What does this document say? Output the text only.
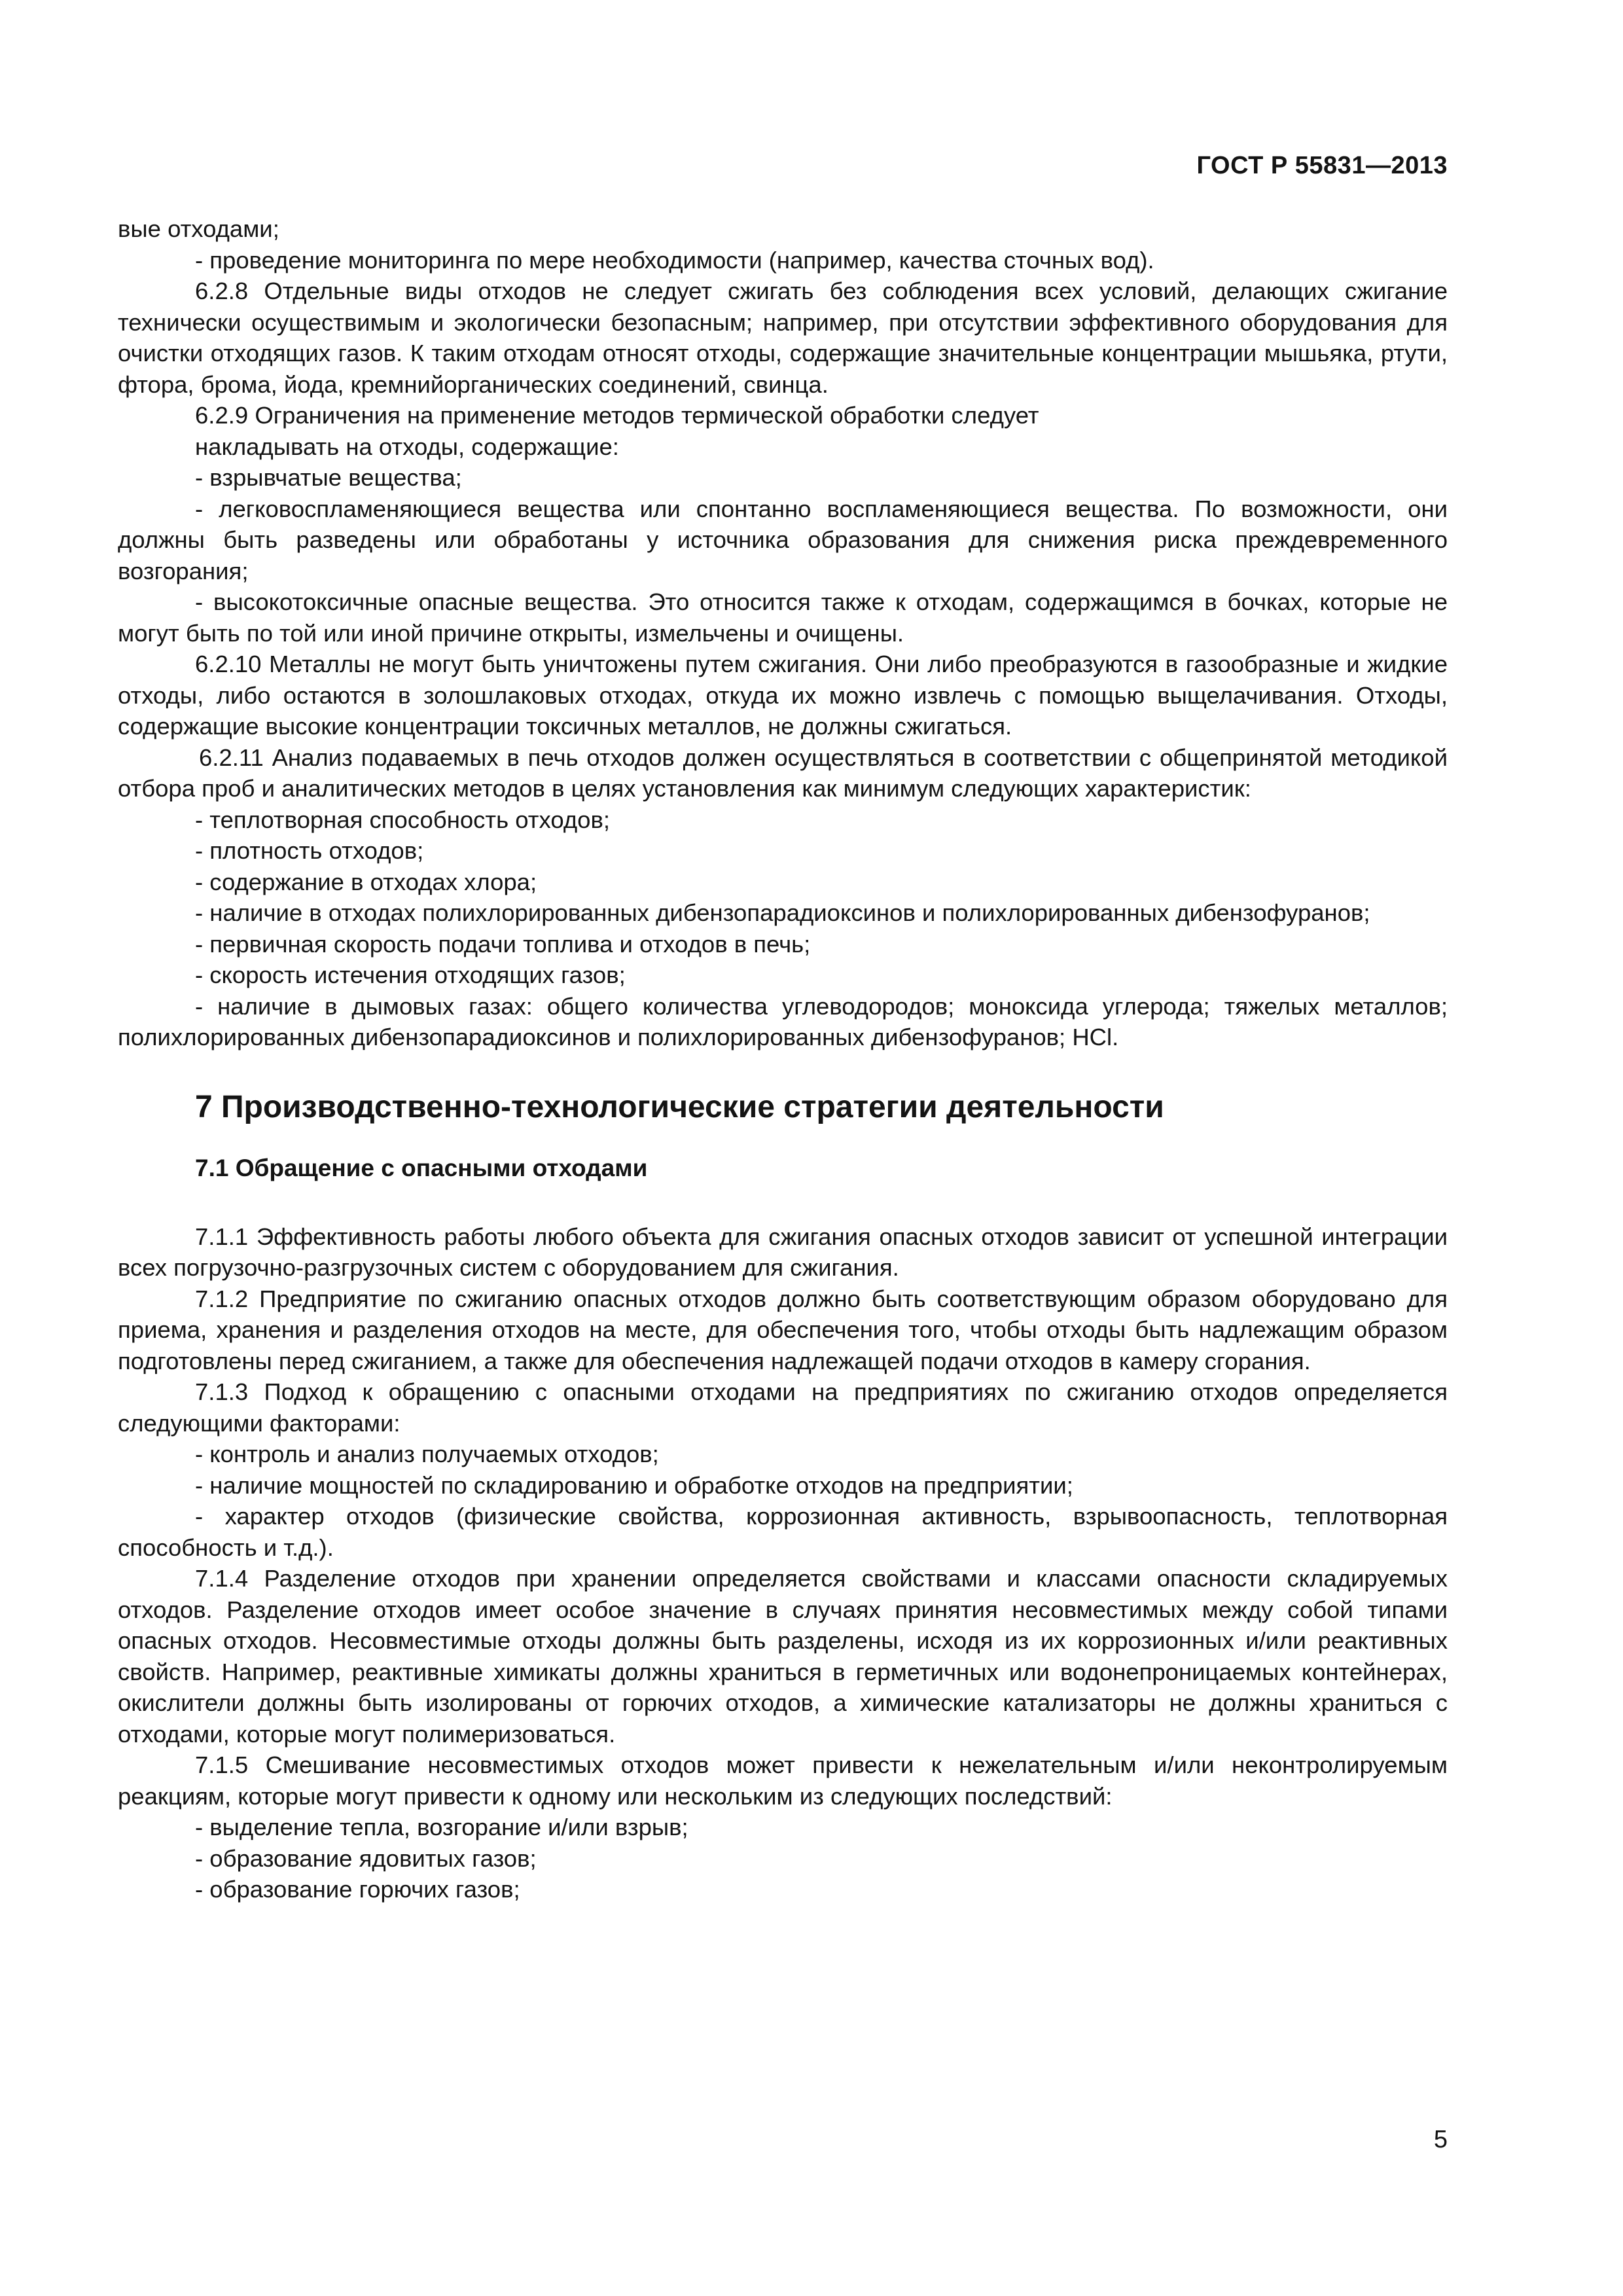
ГОСТ Р 55831—2013

вые отходами;

- проведение мониторинга по мере необходимости (например, качества сточных вод).

6.2.8 Отдельные виды отходов не следует сжигать без соблюдения всех условий, делающих сжигание технически осуществимым и экологически безопасным; например, при отсутствии эффективного оборудования для очистки отходящих газов. К таким отходам относят отходы, содержащие значительные концентрации мышьяка, ртути, фтора, брома, йода, кремнийорганических соединений, свинца.

6.2.9 Ограничения на применение методов термической обработки следует

накладывать на отходы, содержащие:

- взрывчатые вещества;

- легковоспламеняющиеся вещества или спонтанно воспламеняющиеся вещества. По возможности, они должны быть разведены или обработаны у источника образования для снижения риска преждевременного возгорания;

- высокотоксичные опасные вещества. Это относится также к отходам, содержащимся в бочках, которые не могут быть по той или иной причине открыты, измельчены и очищены.

6.2.10 Металлы не могут быть уничтожены путем сжигания. Они либо преобразуются в газообразные и жидкие отходы, либо остаются в золошлаковых отходах, откуда их можно извлечь с помощью выщелачивания. Отходы, содержащие высокие концентрации токсичных металлов, не должны сжигаться.

6.2.11 Анализ подаваемых в печь отходов должен осуществляться в соответствии с общепринятой методикой отбора проб и аналитических методов в целях установления как минимум следующих характеристик:

- теплотворная способность отходов;

- плотность отходов;

- содержание в отходах хлора;

- наличие в отходах полихлорированных дибензопарадиоксинов и полихлорированных дибензофуранов;

- первичная скорость подачи топлива и отходов в печь;

- скорость истечения отходящих газов;

- наличие в дымовых газах: общего количества углеводородов; моноксида углерода; тяжелых металлов; полихлорированных дибензопарадиоксинов и полихлорированных дибензофуранов; HCl.

7 Производственно-технологические стратегии деятельности

7.1 Обращение с опасными отходами

7.1.1 Эффективность работы любого объекта для сжигания опасных отходов зависит от успешной интеграции всех погрузочно-разгрузочных систем с оборудованием для сжигания.

7.1.2 Предприятие по сжиганию опасных отходов должно быть соответствующим образом оборудовано для приема, хранения и разделения отходов на месте, для обеспечения того, чтобы отходы быть надлежащим образом подготовлены перед сжиганием, а также для обеспечения надлежащей подачи отходов в камеру сгорания.

7.1.3 Подход к обращению с опасными отходами на предприятиях по сжиганию отходов определяется следующими факторами:

- контроль и анализ получаемых отходов;

- наличие мощностей по складированию и обработке отходов на предприятии;

- характер отходов (физические свойства, коррозионная активность, взрывоопасность, теплотворная способность и т.д.).

7.1.4 Разделение отходов при хранении определяется свойствами и классами опасности складируемых отходов. Разделение отходов имеет особое значение в случаях принятия несовместимых между собой типами опасных отходов. Несовместимые отходы должны быть разделены, исходя из их коррозионных и/или реактивных свойств. Например, реактивные химикаты должны храниться в герметичных или водонепроницаемых контейнерах, окислители должны быть изолированы от горючих отходов, а химические катализаторы не должны храниться с отходами, которые могут полимеризоваться.

7.1.5 Смешивание несовместимых отходов может привести к нежелательным и/или неконтролируемым реакциям, которые могут привести к одному или нескольким из следующих последствий:

- выделение тепла, возгорание и/или взрыв;

- образование ядовитых газов;

- образование горючих газов;

5
